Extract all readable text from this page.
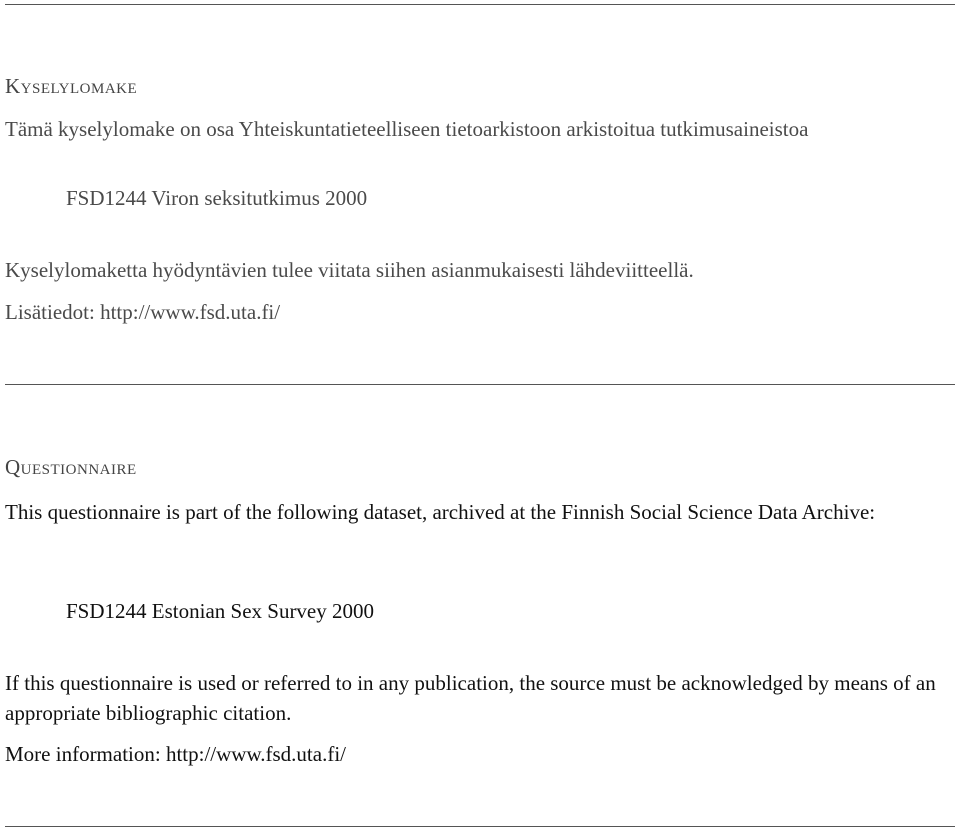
Kyselylomake
Tämä kyselylomake on osa Yhteiskuntatieteelliseen tietoarkistoon arkistoitua tutkimusaineistoa
FSD1244 Viron seksitutkimus 2000
Kyselylomaketta hyödyntävien tulee viitata siihen asianmukaisesti lähdeviitteellä.
Lisätiedot: http://www.fsd.uta.fi/
Questionnaire
This questionnaire is part of the following dataset, archived at the Finnish Social Science Data Archive:
FSD1244 Estonian Sex Survey 2000
If this questionnaire is used or referred to in any publication, the source must be acknowledged by means of an appropriate bibliographic citation.
More information: http://www.fsd.uta.fi/
